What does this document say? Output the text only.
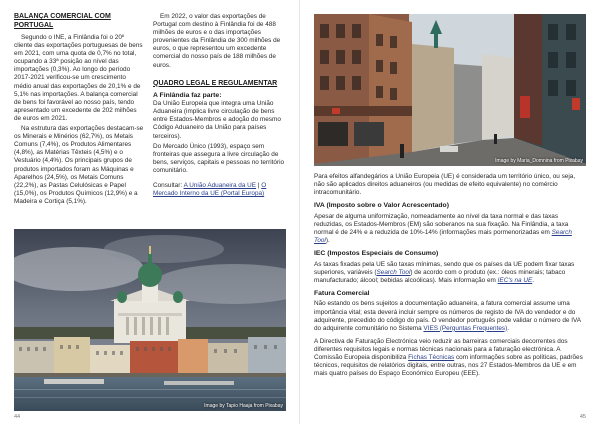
BALANÇA COMERCIAL COM PORTUGAL

Segundo o INE, a Finlândia foi o 20º cliente das exportações portuguesas de bens em 2021, com uma quota de 0,7% no total, ocupando a 33ª posição ao nível das importações (0,3%). Ao longo do período 2017-2021 verificou-se um crescimento médio anual das exportações de 20,1% e de 5,1% nas importações. A balança comercial de bens foi favorável ao nosso país, tendo apresentado um excedente de 202 milhões de euros em 2021.

Na estrutura das exportações destacam-se os Minerais e Minérios (62,7%), os Metais Comuns (7,4%), os Produtos Alimentares (4,8%), as Matérias Têxteis (4,5%) e o Vestuário (4,4%). Os principais grupos de produtos importados foram as Máquinas e Aparelhos (24,5%), os Metais Comuns (22,2%), as Pastas Celulósicas e Papel (15,0%), os Produtos Químicos (12,9%) e a Madeira e Cortiça (5,1%).

Em 2022, o valor das exportações de Portugal com destino à Finlândia foi de 488 milhões de euros e o das importações provenientes da Finlândia de 300 milhões de euros, o que representou um excedente comercial do nosso país de 188 milhões de euros.

QUADRO LEGAL E REGULAMENTAR
A Finlândia faz parte:

Da União Europeia que integra uma União Aduaneira (implica livre circulação de bens entre Estados-Membros e adoção do mesmo Código Aduaneiro da União para países terceiros).

Do Mercado Único (1993), espaço sem fronteiras que assegura a livre circulação de bens, serviços, capitais e pessoas no território comunitário.

Consultar: A União Aduaneira da UE | O Mercado Interno da UE (Portal Europa)

Image by Tapio Haaja from Pixabay
44
Image by Maria_Domnina from Pixabay

Para efeitos alfandegários a União Europeia (UE) é considerada um território único, ou seja, não são aplicados direitos aduaneiros (ou medidas de efeito equivalente) no comércio intracomunitário.

IVA (Imposto sobre o Valor Acrescentado)

Apesar de alguma uniformização, nomeadamente ao nível da taxa normal e das taxas reduzidas, os Estados-Membros (EM) são soberanos na sua fixação. Na Finlândia, a taxa normal é de 24% e a reduzida de 10%-14% (informações mais pormenorizadas em Search Tool).

IEC (Impostos Especiais de Consumo)

As taxas fixadas pela UE são taxas mínimas, sendo que os países da UE podem fixar taxas superiores, variáveis (Search Tool) de acordo com o produto (ex.: óleos minerais; tabaco manufacturado; álcool; bebidas alcoólicas). Mais informação em IEC's na UE.

Fatura Comercial

Não estando os bens sujeitos a documentação aduaneira, a fatura comercial assume uma importância vital; esta deverá incluir sempre os números de registo de IVA do vendedor e do adquirente, precedido do código do país. O vendedor português pode validar o número de IVA do adquirente comunitário no Sistema VIES (Perguntas Frequentes).

A Directiva de Faturação Electrónica veio reduzir as barreiras comerciais decorrentes dos diferentes requisitos legais e normas técnicas nacionais para a faturação electrónica. A Comissão Europeia disponibiliza Fichas Técnicas com informações sobre as políticas, padrões técnicos, requisitos de relatórios digitais, entre outras, nos 27 Estados-Membros da UE e em mais quatro países do Espaço Económico Europeu (EEE).

45
